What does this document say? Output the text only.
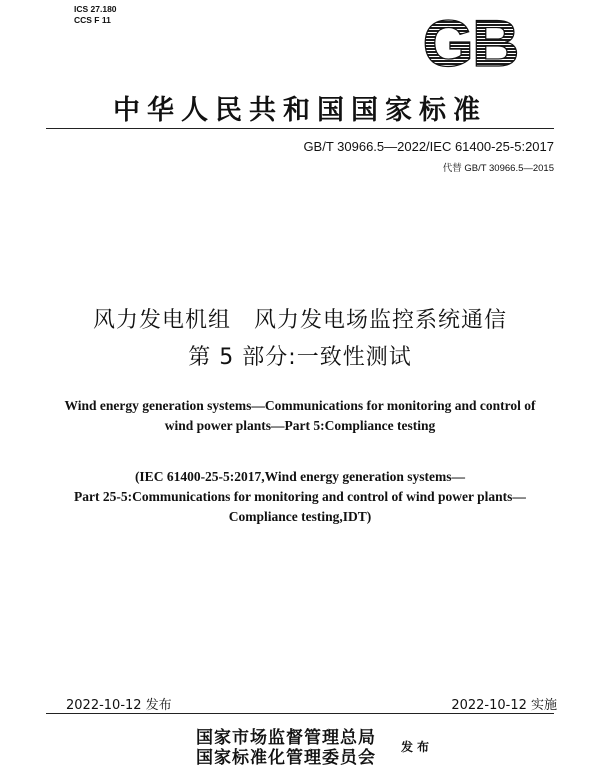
ICS 27.180
CCS F 11	GB
中华人民共和国国家标准
GB/T 30966.5—2022/IEC 61400-25-5:2017
代替 GB/T 30966.5—2015
风力发电机组　风力发电场监控系统通信
第 5 部分:一致性测试
Wind energy generation systems—Communications for monitoring and control of
wind power plants—Part 5:Compliance testing
(IEC 61400-25-5:2017,Wind energy generation systems—
Part 25-5:Communications for monitoring and control of wind power plants—
Compliance testing,IDT)
2022-10-12 发布	2022-10-12 实施
国家市场监督管理总局
国家标准化管理委员会
发布
